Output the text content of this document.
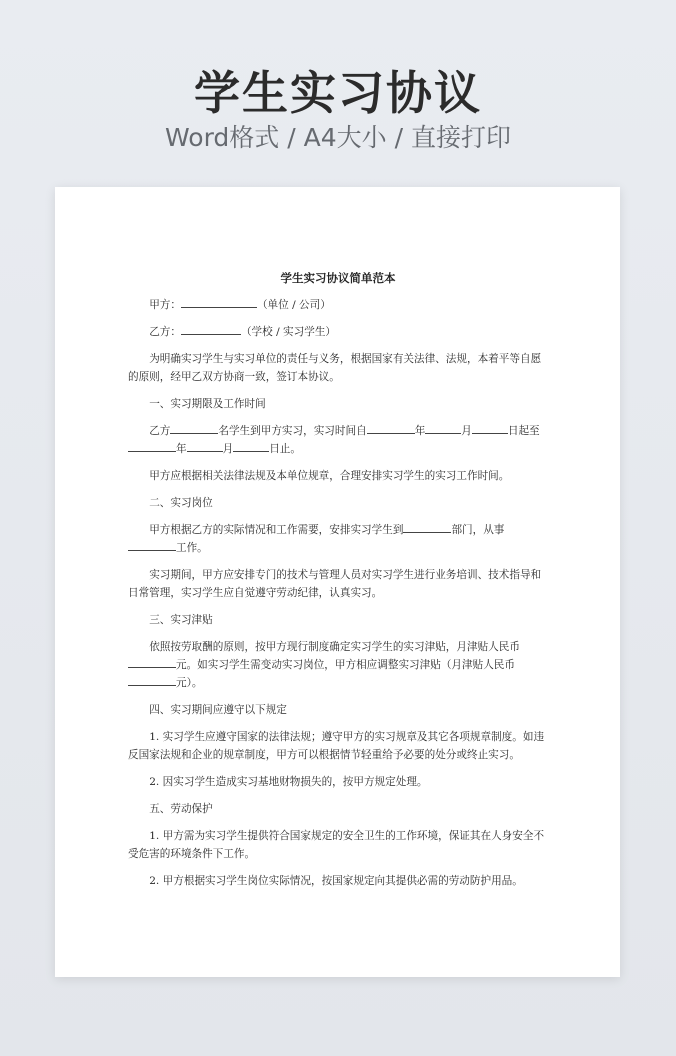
学生实习协议
Word格式 / A4大小 / 直接打印
学生实习协议简单范本
甲方：	（单位 / 公司）
乙方：	（学校 / 实习学生）
为明确实习学生与实习单位的责任与义务，根据国家有关法律、法规，本着平等自愿的原则，经甲乙双方协商一致，签订本协议。
一、实习期限及工作时间
乙方	名学生到甲方实习，实习时间自	年	月	日起至年	月	日止。
甲方应根据相关法律法规及本单位规章，合理安排实习学生的实习工作时间。
二、实习岗位
甲方根据乙方的实际情况和工作需要，安排实习学生到	部门，从事工作。
实习期间，甲方应安排专门的技术与管理人员对实习学生进行业务培训、技术指导和日常管理，实习学生应自觉遵守劳动纪律，认真实习。
三、实习津贴
依照按劳取酬的原则，按甲方现行制度确定实习学生的实习津贴，月津贴人民币元。如实习学生需变动实习岗位，甲方相应调整实习津贴（月津贴人民币元）。
四、实习期间应遵守以下规定
1. 实习学生应遵守国家的法律法规；遵守甲方的实习规章及其它各项规章制度。如违反国家法规和企业的规章制度，甲方可以根据情节轻重给予必要的处分或终止实习。
2. 因实习学生造成实习基地财物损失的，按甲方规定处理。
五、劳动保护
1. 甲方需为实习学生提供符合国家规定的安全卫生的工作环境，保证其在人身安全不受危害的环境条件下工作。
2. 甲方根据实习学生岗位实际情况，按国家规定向其提供必需的劳动防护用品。
